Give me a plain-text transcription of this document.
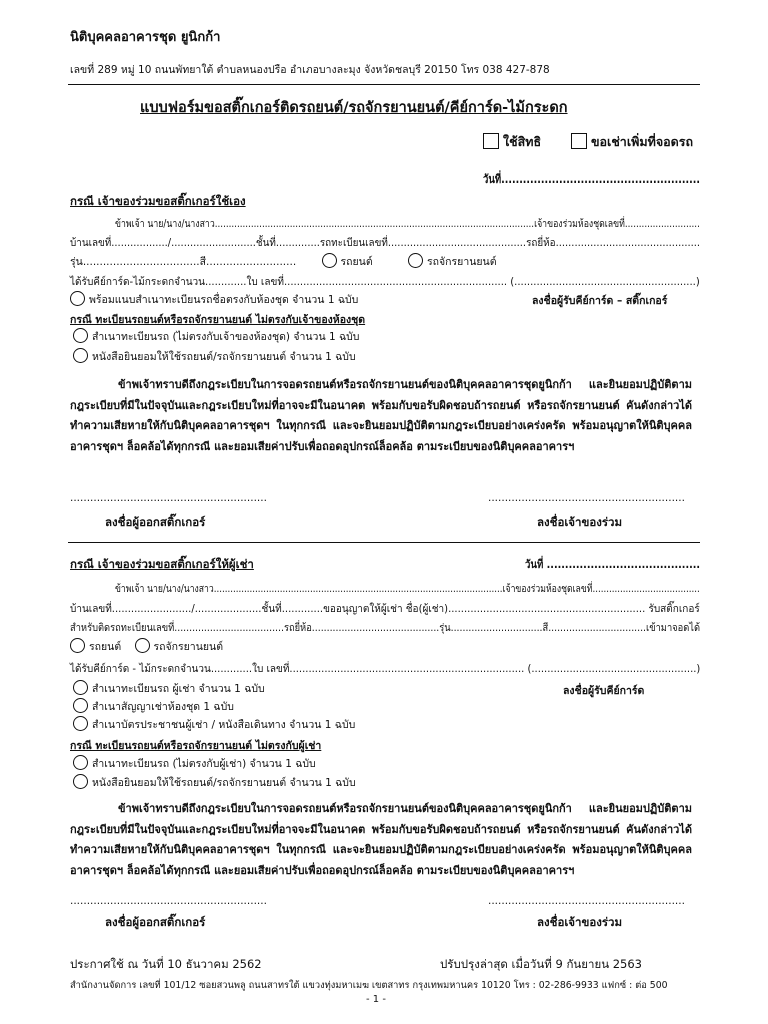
นิติบุคคลอาคารชุด ยูนิกก้า
เลขที่ 289 หมู่ 10 ถนนพัทยาใต้ ตำบลหนองปรือ อำเภอบางละมุง จังหวัดชลบุรี 20150 โทร 038 427-878
แบบฟอร์มขอสติ๊กเกอร์ติดรถยนต์/รถจักรยานยนต์/คีย์การ์ด-ไม้กระดก
ใช้สิทธิ	ขอเช่าเพิ่มที่จอดรถ
วันที่.......................................................
กรณี เจ้าของร่วมขอสติ๊กเกอร์ใช้เอง
ข้าพเจ้า นาย/นาง/นางสาว...................................................................................................................เจ้าของร่วมห้องชุดเลขที่...........................
บ้านเลขที่................../...........................ชั้นที่..............รถทะเบียนเลขที่............................................รถยี่ห้อ..............................................
รุ่น...................................สี...........................	รถยนต์	รถจักรยานยนต์
ได้รับคีย์การ์ด-ไม้กระดกจำนวน.............ใบ เลขที่...................................................................... (.........................................................)
พร้อมแนบสำเนาทะเบียนรถชื่อตรงกับห้องชุด จำนวน 1 ฉบับ	ลงชื่อผู้รับคีย์การ์ด – สติ๊กเกอร์
กรณี ทะเบียนรถยนต์หรือรถจักรยานยนต์ ไม่ตรงกับเจ้าของห้องชุด
สำเนาทะเบียนรถ (ไม่ตรงกับเจ้าของห้องชุด) จำนวน 1 ฉบับ
หนังสือยินยอมให้ใช้รถยนต์/รถจักรยานยนต์ จำนวน 1 ฉบับ
ข้าพเจ้าทราบดีถึงกฎระเบียบในการจอดรถยนต์หรือรถจักรยานยนต์ของนิติบุคคลอาคารชุดยูนิกก้า และยินยอมปฏิบัติตามกฎระเบียบที่มีในปัจจุบันและกฎระเบียบใหม่ที่อาจจะมีในอนาคต พร้อมกับขอรับผิดชอบถ้ารถยนต์ หรือรถจักรยานยนต์ คันดังกล่าวได้ทำความเสียหายให้กับนิติบุคคลอาคารชุดฯ ในทุกกรณี และจะยินยอมปฏิบัติตามกฎระเบียบอย่างเคร่งครัด พร้อมอนุญาตให้นิติบุคคลอาคารชุดฯ ล็อคล้อได้ทุกกรณี และยอมเสียค่าปรับเพื่อถอดอุปกรณ์ล็อคล้อ ตามระเบียบของนิติบุคคลอาคารฯ
...........................................................	...........................................................
ลงชื่อผู้ออกสติ๊กเกอร์	ลงชื่อเจ้าของร่วม
กรณี เจ้าของร่วมขอสติ๊กเกอร์ให้ผู้เช่า	วันที่ ..........................................
ข้าพเจ้า นาย/นาง/นางสาว.........................................................................................................เจ้าของร่วมห้องชุดเลขที่.......................................
บ้านเลขที่........................./.....................ชั้นที่.............ขออนุญาตให้ผู้เช่า ชื่อ(ผู้เช่า).............................................................. รับสติ๊กเกอร์
สำหรับติดรถทะเบียนเลขที่.....................................รถยี่ห้อ...........................................รุ่น...............................สี.................................เข้ามาจอดได้
รถยนต์	รถจักรยานยนต์
ได้รับคีย์การ์ด - ไม้กระดกจำนวน.............ใบ เลขที่.......................................................................... (....................................................)
สำเนาทะเบียนรถ ผู้เช่า จำนวน 1 ฉบับ	ลงชื่อผู้รับคีย์การ์ด
สำเนาสัญญาเช่าห้องชุด 1 ฉบับ
สำเนาบัตรประชาชนผู้เช่า / หนังสือเดินทาง จำนวน 1 ฉบับ
กรณี ทะเบียนรถยนต์หรือรถจักรยานยนต์ ไม่ตรงกับผู้เช่า
สำเนาทะเบียนรถ (ไม่ตรงกับผู้เช่า) จำนวน 1 ฉบับ
หนังสือยินยอมให้ใช้รถยนต์/รถจักรยานยนต์ จำนวน 1 ฉบับ
ข้าพเจ้าทราบดีถึงกฎระเบียบในการจอดรถยนต์หรือรถจักรยานยนต์ของนิติบุคคลอาคารชุดยูนิกก้า และยินยอมปฏิบัติตามกฎระเบียบที่มีในปัจจุบันและกฎระเบียบใหม่ที่อาจจะมีในอนาคต พร้อมกับขอรับผิดชอบถ้ารถยนต์ หรือรถจักรยานยนต์ คันดังกล่าวได้ทำความเสียหายให้กับนิติบุคคลอาคารชุดฯ ในทุกกรณี และจะยินยอมปฏิบัติตามกฎระเบียบอย่างเคร่งครัด พร้อมอนุญาตให้นิติบุคคลอาคารชุดฯ ล็อคล้อได้ทุกกรณี และยอมเสียค่าปรับเพื่อถอดอุปกรณ์ล็อคล้อ ตามระเบียบของนิติบุคคลอาคารฯ
...........................................................	...........................................................
ลงชื่อผู้ออกสติ๊กเกอร์	ลงชื่อเจ้าของร่วม
ประกาศใช้ ณ วันที่ 10 ธันวาคม 2562	ปรับปรุงล่าสุด เมื่อวันที่ 9 กันยายน 2563
สำนักงานจัดการ เลขที่ 101/12 ซอยสวนพลู ถนนสาทรใต้ แขวงทุ่งมหาเมฆ เขตสาทร กรุงเทพมหานคร 10120 โทร : 02-286-9933 แฟกซ์ : ต่อ 500
- 1 -
